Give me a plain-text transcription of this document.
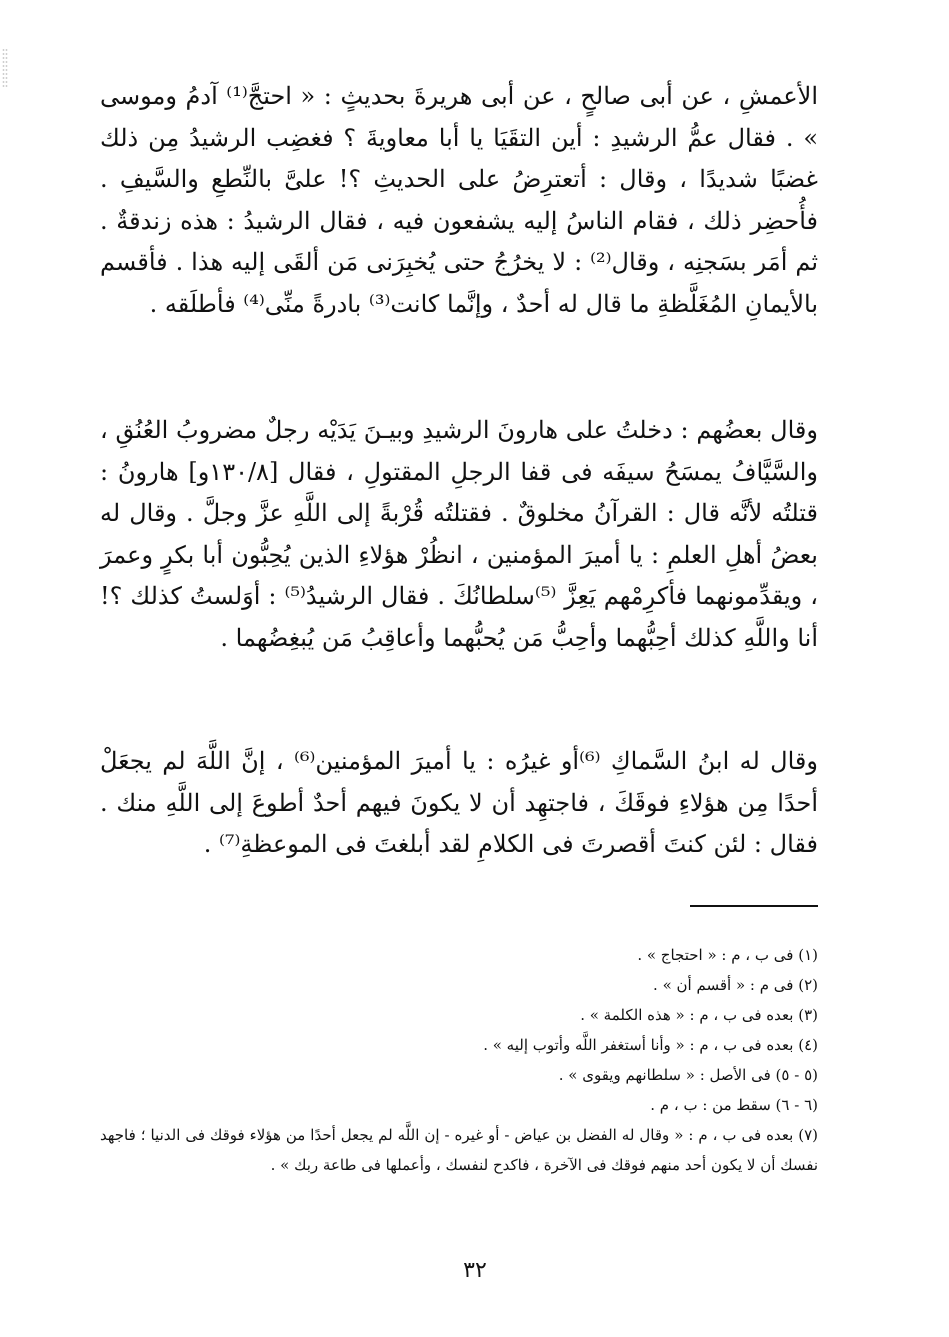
الأعمشِ ، عن أبى صالحٍ ، عن أبى هريرةَ بحديثٍ : « احتجَّ⁽¹⁾ آدمُ وموسى » . فقال عمُّ الرشيدِ : أين التقَيَا يا أبا معاويةَ ؟ فغضِب الرشيدُ مِن ذلك غضبًا شديدًا ، وقال : أتعترِضُ على الحديثِ ؟! علىَّ بالنِّطعِ والسَّيفِ . فأُحضِر ذلك ، فقام الناسُ إليه يشفعون فيه ، فقال الرشيدُ : هذه زندقةٌ . ثم أمَر بسَجنِه ، وقال⁽²⁾ : لا يخرُجُ حتى يُخبِرَنى مَن ألقَى إليه هذا . فأقسم بالأيمانِ المُغَلَّظةِ ما قال له أحدٌ ، وإنَّما كانت⁽³⁾ بادرةً منِّى⁽⁴⁾ فأطلَقه .

وقال بعضُهم : دخلتُ على هارونَ الرشيدِ وبيـنَ يَدَيْه رجلٌ مضروبُ العُنُقِ ، والسَّيَّافُ يمسَحُ سيفَه فى قفا الرجلِ المقتولِ ، فقال [١٣٠/٨و] هارونُ : قتلتُه لأنَّه قال : القرآنُ مخلوقٌ . فقتلتُه قُرْبةً إلى اللَّهِ عزَّ وجلَّ . وقال له بعضُ أهلِ العلمِ : يا أميرَ المؤمنين ، انظُرْ هؤلاءِ الذين يُحِبُّون أبا بكرٍ وعمرَ ، ويقدِّمونهما فأكرِمْهم يَعِزَّ ⁽⁵⁾سلطانُكَ . فقال الرشيدُ⁽⁵⁾ : أوَلستُ كذلك ؟! أنا واللَّهِ كذلك أحِبُّهما وأحِبُّ مَن يُحبُّهما وأعاقِبُ مَن يُبغِضُهما .

وقال له ابنُ السَّماكِ ⁽⁶⁾أو غيرُه : يا أميرَ المؤمنين⁽⁶⁾ ، إنَّ اللَّهَ لم يجعَلْ أحدًا مِن هؤلاءِ فوقَكَ ، فاجتهِد أن لا يكونَ فيهم أحدٌ أطوعَ إلى اللَّهِ منك . فقال : لئن كنتَ أقصرتَ فى الكلامِ لقد أبلغتَ فى الموعظةِ⁽⁷⁾ .

(١) فى ب ، م : « احتجاج » .

(٢) فى م : « أقسم أن » .

(٣) بعده فى ب ، م : « هذه الكلمة » .

(٤) بعده فى ب ، م : « وأنا أستغفر اللَّه وأتوب إليه » .

(٥ - ٥) فى الأصل : « سلطانهم ويقوى » .

(٦ - ٦) سقط من : ب ، م .

(٧) بعده فى ب ، م : « وقال له الفضل بن عياض - أو غيره - إن اللَّه لم يجعل أحدًا من هؤلاء فوقك فى الدنيا ؛ فاجهد نفسك أن لا يكون أحد منهم فوقك فى الآخرة ، فاكدح لنفسك ، وأعملها فى طاعة ربك » .

٣٢
